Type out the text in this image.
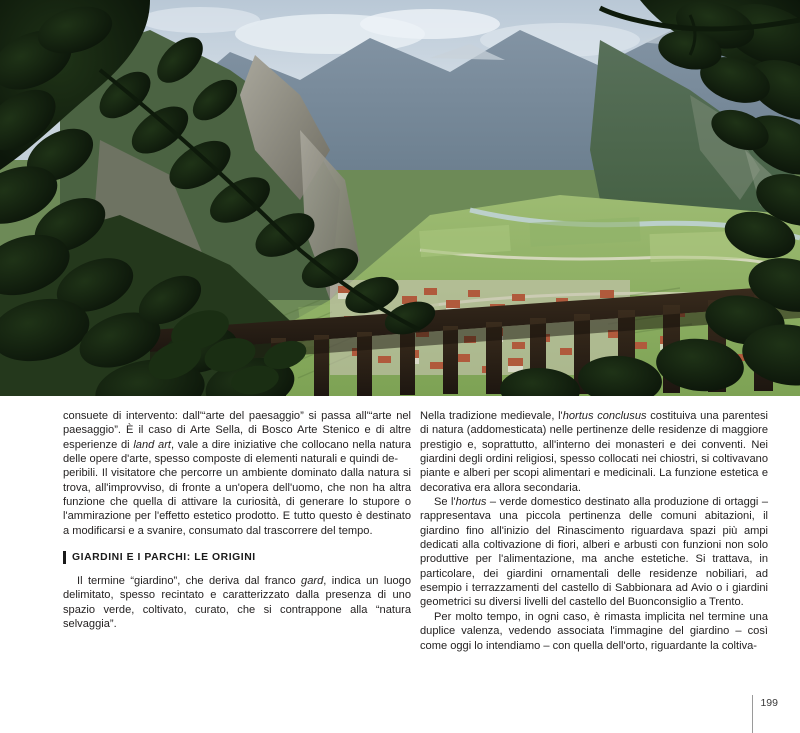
consuete di intervento: dall'“arte del paesaggio” si passa all'“arte nel paesaggio”. È il caso di Arte Sella, di Bosco Arte Stenico e di altre esperienze di land art, vale a dire iniziative che collocano nella natura delle opere d'arte, spesso composte di elementi naturali e quindi de-

peribili. Il visitatore che percorre un ambiente dominato dalla natura si trova, all'improvviso, di fronte a un'opera dell'uomo, che non ha altra funzione che quella di attivare la curiosità, di generare lo stupore o l'ammirazione per l'effetto estetico prodotto. E tutto questo è destinato a modificarsi e a svanire, consumato dal trascorrere del tempo.

GIARDINI E I PARCHI: LE ORIGINI

Il termine “giardino”, che deriva dal franco gard, indica un luogo delimitato, spesso recintato e caratterizzato dalla presenza di uno spazio verde, coltivato, curato, che si contrappone alla “natura selvaggia”.

Nella tradizione medievale, l'hortus conclusus costituiva una parentesi di natura (addomesticata) nelle pertinenze delle residenze di maggiore prestigio e, soprattutto, all'interno dei monasteri e dei conventi. Nei giardini degli ordini religiosi, spesso collocati nei chiostri, si coltivavano piante e alberi per scopi alimentari e medicinali. La funzione estetica e decorativa era allora secondaria.

Se l'hortus – verde domestico destinato alla produzione di ortaggi – rappresentava una piccola pertinenza delle comuni abitazioni, il giardino fino all'inizio del Rinascimento riguardava spazi più ampi dedicati alla coltivazione di fiori, alberi e arbusti con funzioni non solo produttive per l'alimentazione, ma anche estetiche. Si trattava, in particolare, dei giardini ornamentali delle residenze nobiliari, ad esempio i terrazzamenti del castello di Sabbionara ad Avio o i giardini geometrici su diversi livelli del castello del Buonconsiglio a Trento.

Per molto tempo, in ogni caso, è rimasta implicita nel termine una duplice valenza, vedendo associata l'immagine del giardino – così come oggi lo intendiamo – con quella dell'orto, riguardante la coltiva-

199
